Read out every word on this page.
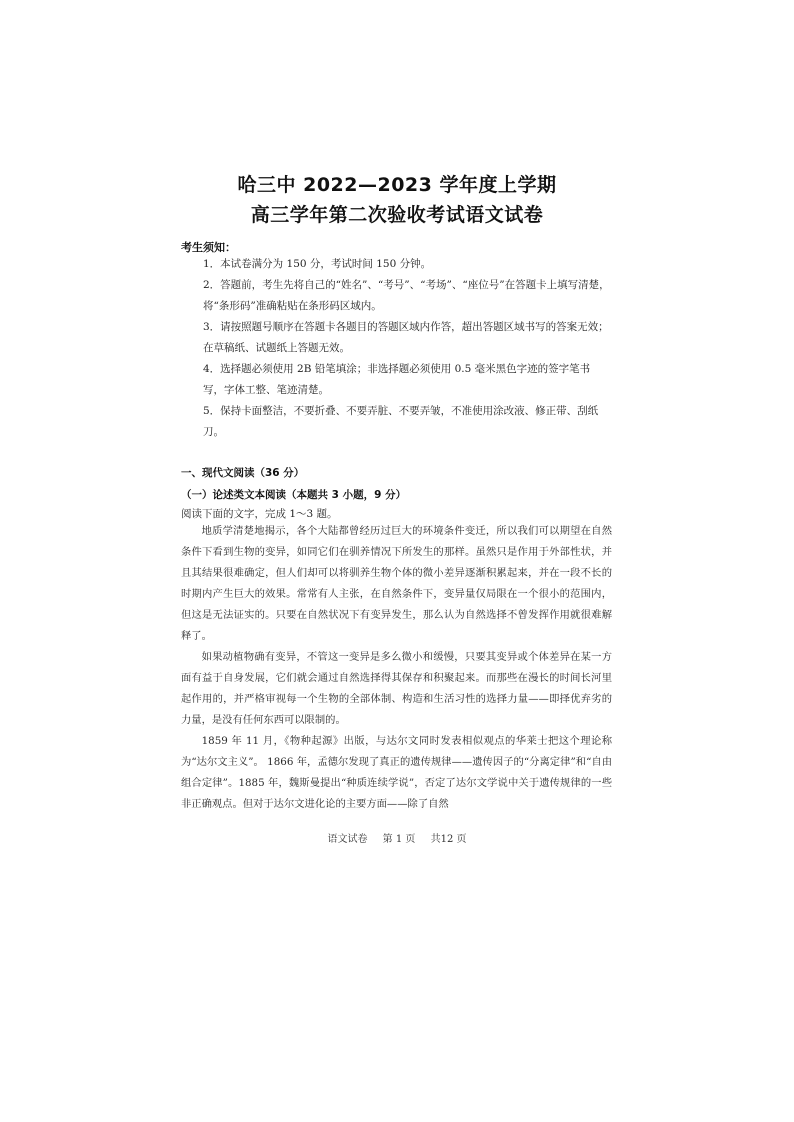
哈三中 2022—2023 学年度上学期
高三学年第二次验收考试语文试卷
考生须知：
1．本试卷满分为 150 分，考试时间 150 分钟。
2．答题前，考生先将自己的“姓名”、“考号”、“考场”、“座位号”在答题卡上填写清楚，将“条形码”准确粘贴在条形码区域内。
3．请按照题号顺序在答题卡各题目的答题区域内作答，超出答题区域书写的答案无效；在草稿纸、试题纸上答题无效。
4．选择题必须使用 2B 铅笔填涂；非选择题必须使用 0.5 毫米黑色字迹的签字笔书写，字体工整、笔迹清楚。
5．保持卡面整洁，不要折叠、不要弄脏、不要弄皱，不准使用涂改液、修正带、刮纸刀。
一、现代文阅读（36 分）
（一）论述类文本阅读（本题共 3 小题，9 分）
阅读下面的文字，完成 1～3 题。

地质学清楚地揭示，各个大陆都曾经历过巨大的环境条件变迁，所以我们可以期望在自然条件下看到生物的变异，如同它们在驯养情况下所发生的那样。虽然只是作用于外部性状，并且其结果很难确定，但人们却可以将驯养生物个体的微小差异逐渐积累起来，并在一段不长的时期内产生巨大的效果。常常有人主张，在自然条件下，变异量仅局限在一个很小的范围内，但这是无法证实的。只要在自然状况下有变异发生，那么认为自然选择不曾发挥作用就很难解释了。

如果动植物确有变异，不管这一变异是多么微小和缓慢，只要其变异或个体差异在某一方面有益于自身发展，它们就会通过自然选择得其保存和积聚起来。而那些在漫长的时间长河里起作用的，并严格审视每一个生物的全部体制、构造和生活习性的选择力量——即择优弃劣的力量，是没有任何东西可以限制的。

1859 年 11 月，《物种起源》出版，与达尔文同时发表相似观点的华莱士把这个理论称为“达尔文主义”。 1866 年，孟德尔发现了真正的遗传规律——遗传因子的“分离定律”和“自由组合定律”。1885 年，魏斯曼提出“种质连续学说”，否定了达尔文学说中关于遗传规律的一些非正确观点。但对于达尔文进化论的主要方面——除了自然

语文试卷 第 1 页 共12 页
